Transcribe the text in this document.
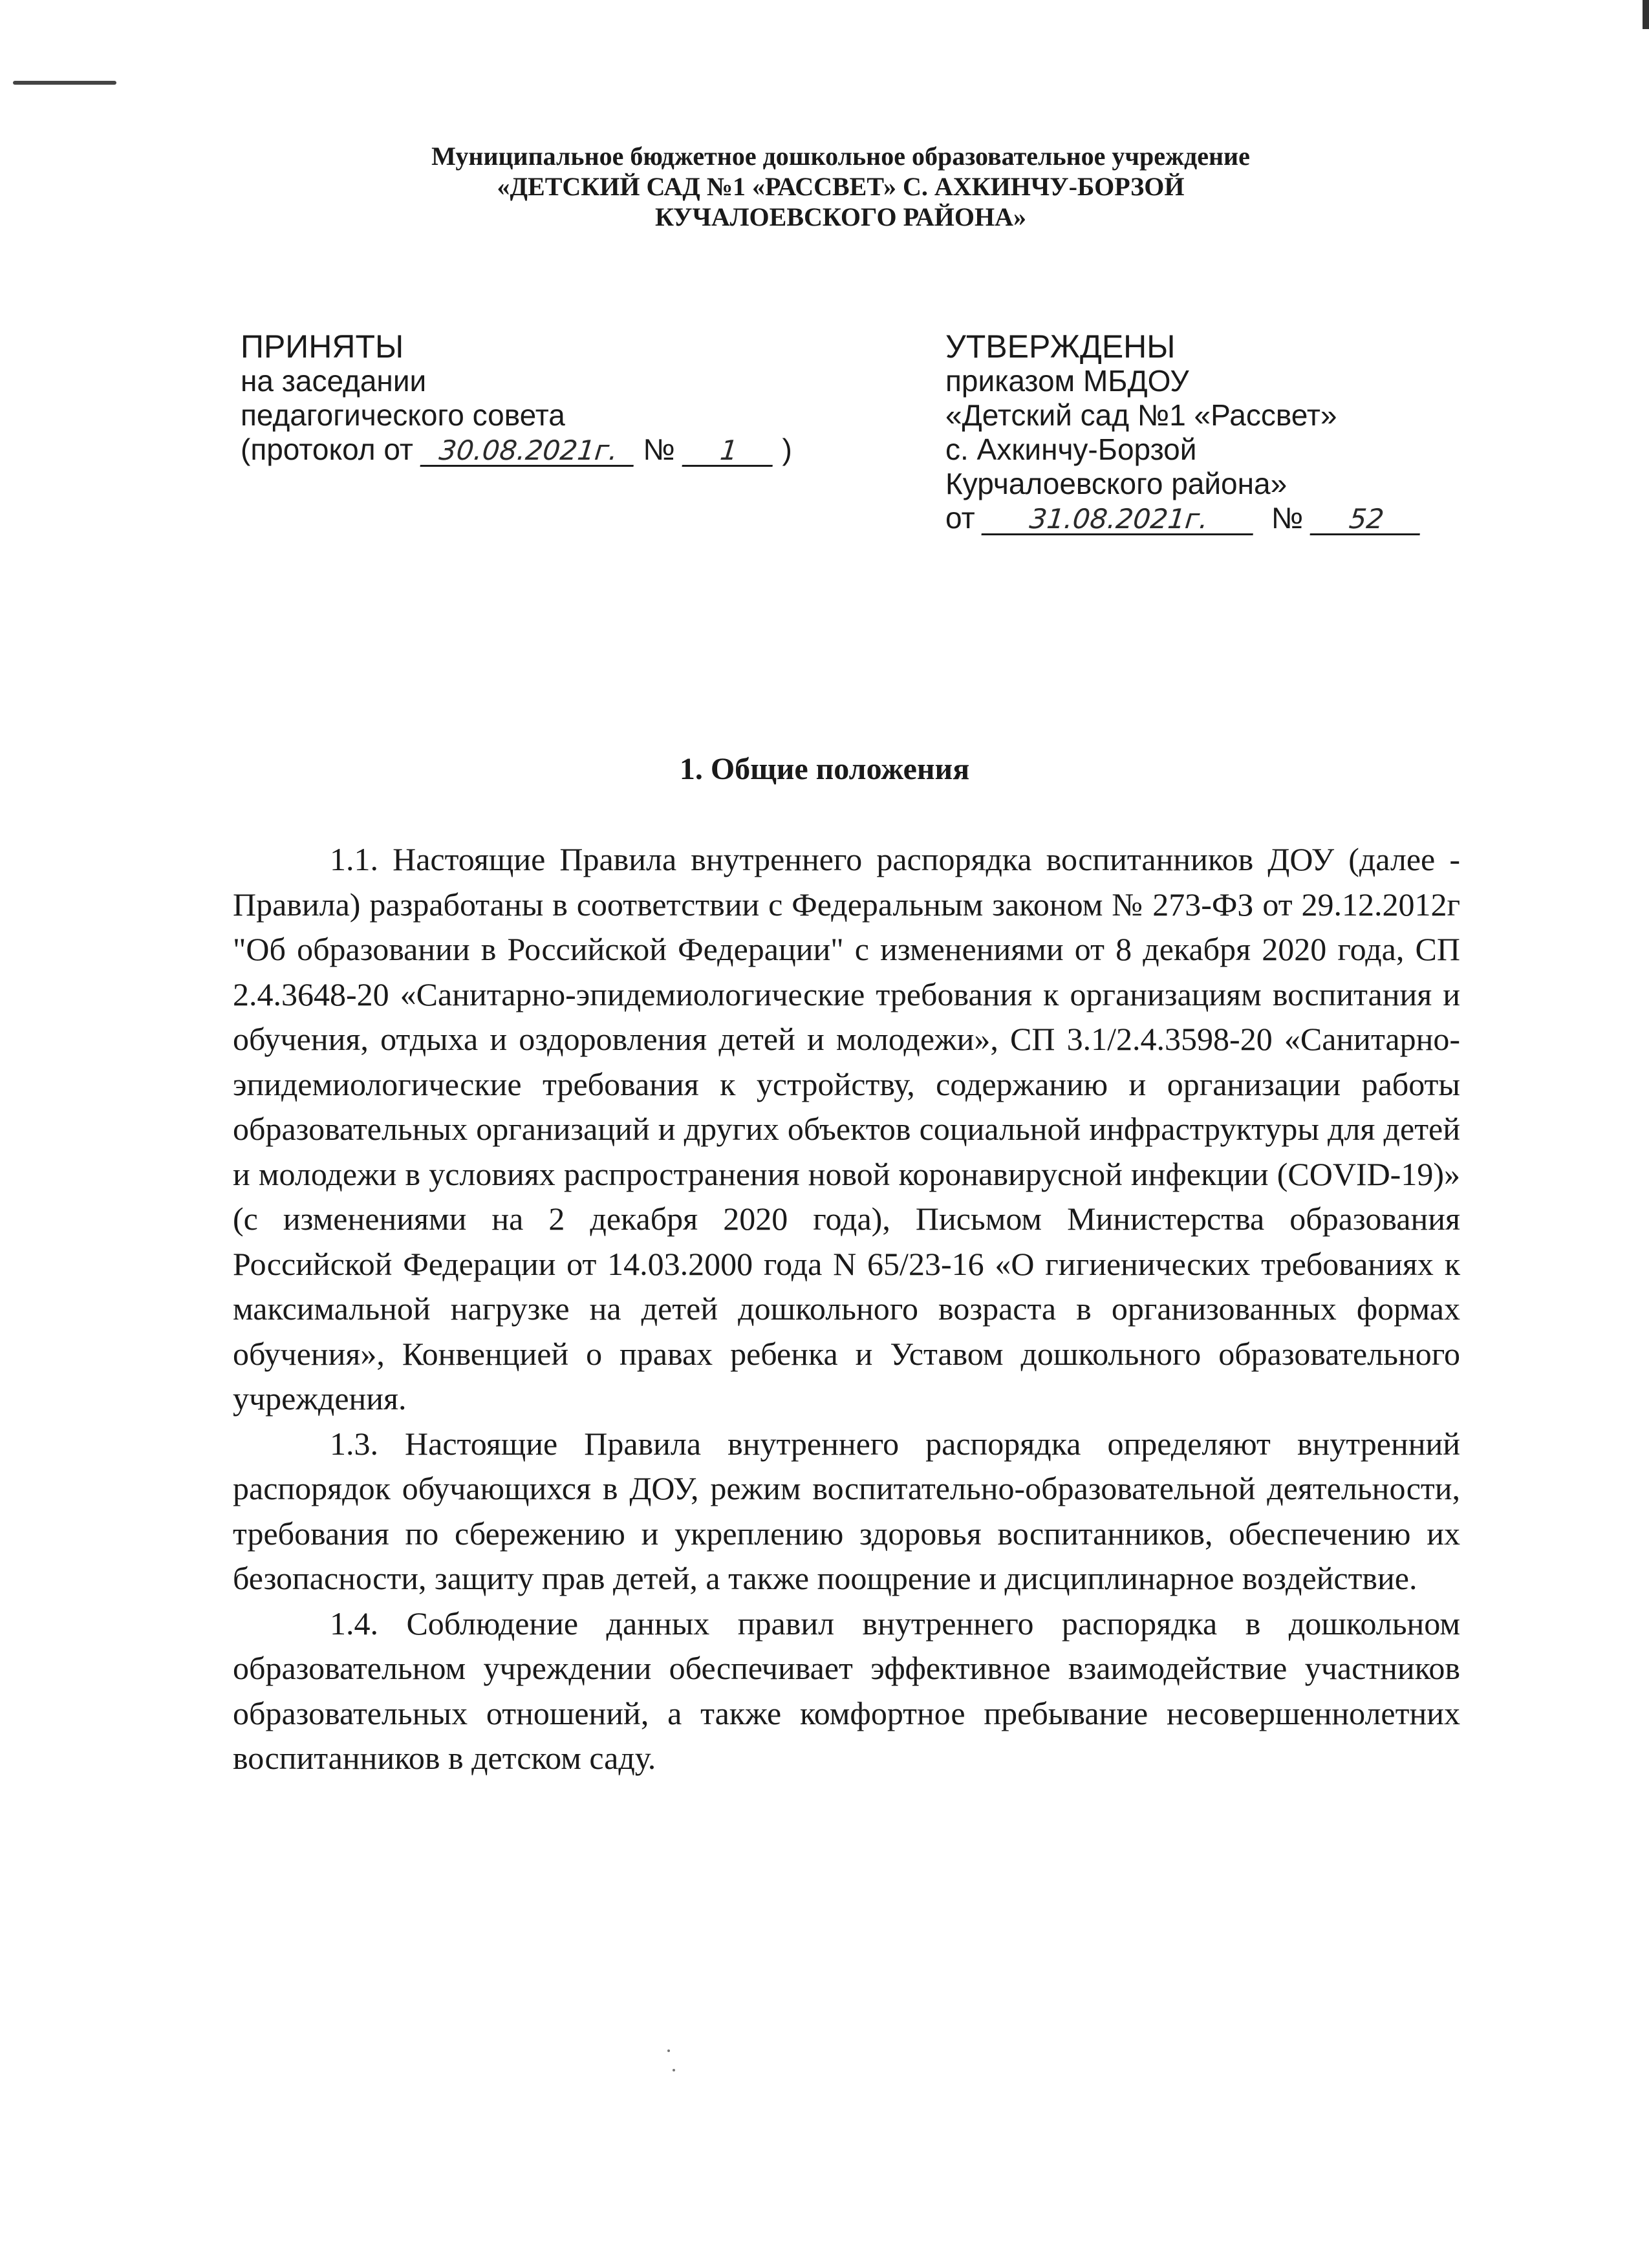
Муниципальное бюджетное дошкольное образовательное учреждение
«ДЕТСКИЙ САД №1 «РАССВЕТ» С. АХКИНЧУ-БОРЗОЙ
КУЧАЛОЕВСКОГО РАЙОНА»
ПРИНЯТЫ
на заседании
педагогического совета
(протокол от 30.08.2021г. № 1 )
УТВЕРЖДЕНЫ
приказом МБДОУ
«Детский сад №1 «Рассвет»
с. Ахкинчу-Борзой
Курчалоевского района»
от 31.08.2021г.  № 52
1. Общие положения

1.1. Настоящие Правила внутреннего распорядка воспитанников ДОУ (далее - Правила) разработаны в соответствии с Федеральным законом № 273-ФЗ от 29.12.2012г "Об образовании в Российской Федерации" с изменениями от 8 декабря 2020 года, СП 2.4.3648-20 «Санитарно-эпидемиологические требования к организациям воспитания и обучения, отдыха и оздоровления детей и молодежи», СП 3.1/2.4.3598-20 «Санитарно-эпидемиологические требования к устройству, содержанию и организации работы образовательных организаций и других объектов социальной инфраструктуры для детей и молодежи в условиях распространения новой коронавирусной инфекции (COVID-19)» (с изменениями на 2 декабря 2020 года), Письмом Министерства образования Российской Федерации от 14.03.2000 года N 65/23-16 «О гигиенических требованиях к максимальной нагрузке на детей дошкольного возраста в организованных формах обучения», Конвенцией о правах ребенка и Уставом дошкольного образовательного учреждения.

1.3. Настоящие Правила внутреннего распорядка определяют внутренний распорядок обучающихся в ДОУ, режим воспитательно-образовательной деятельности, требования по сбережению и укреплению здоровья воспитанников, обеспечению их безопасности, защиту прав детей, а также поощрение и дисциплинарное воздействие.

1.4. Соблюдение данных правил внутреннего распорядка в дошкольном образовательном учреждении обеспечивает эффективное взаимодействие участников образовательных отношений, а также комфортное пребывание несовершеннолетних воспитанников в детском саду.
